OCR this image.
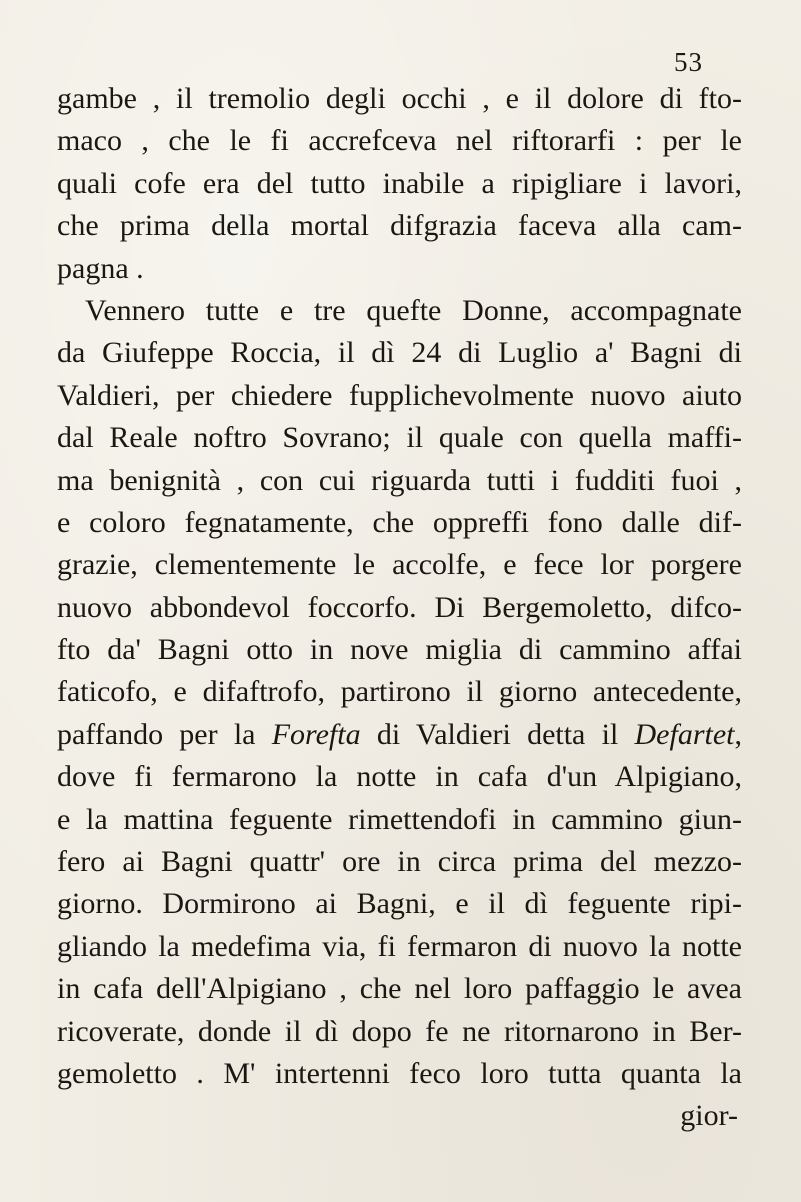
53
gambe , il tremolio degli occhi , e il dolore di fto-
maco , che le fi accrefceva nel riftorarfi : per le
quali cofe era del tutto inabile a ripigliare i lavori,
che prima della mortal difgrazia faceva alla cam-
pagna .
Vennero tutte e tre quefte Donne, accompagnate
da Giufeppe Roccia, il dì 24 di Luglio a' Bagni di
Valdieri, per chiedere fupplichevolmente nuovo aiuto
dal Reale noftro Sovrano; il quale con quella maffi-
ma benignità , con cui riguarda tutti i fudditi fuoi ,
e coloro fegnatamente, che oppreffi fono dalle dif-
grazie, clementemente le accolfe, e fece lor porgere
nuovo abbondevol foccorfo. Di Bergemoletto, difco-
fto da' Bagni otto in nove miglia di cammino affai
faticofo, e difaftrofo, partirono il giorno antecedente,
paffando per la Forefta di Valdieri detta il Defartet,
dove fi fermarono la notte in cafa d'un Alpigiano,
e la mattina feguente rimettendofi in cammino giun-
fero ai Bagni quattr' ore in circa prima del mezzo-
giorno. Dormirono ai Bagni, e il dì feguente ripi-
gliando la medefima via, fi fermaron di nuovo la notte
in cafa dell'Alpigiano , che nel loro paffaggio le avea
ricoverate, donde il dì dopo fe ne ritornarono in Ber-
gemoletto . M' intertenni feco loro tutta quanta la
gior-
